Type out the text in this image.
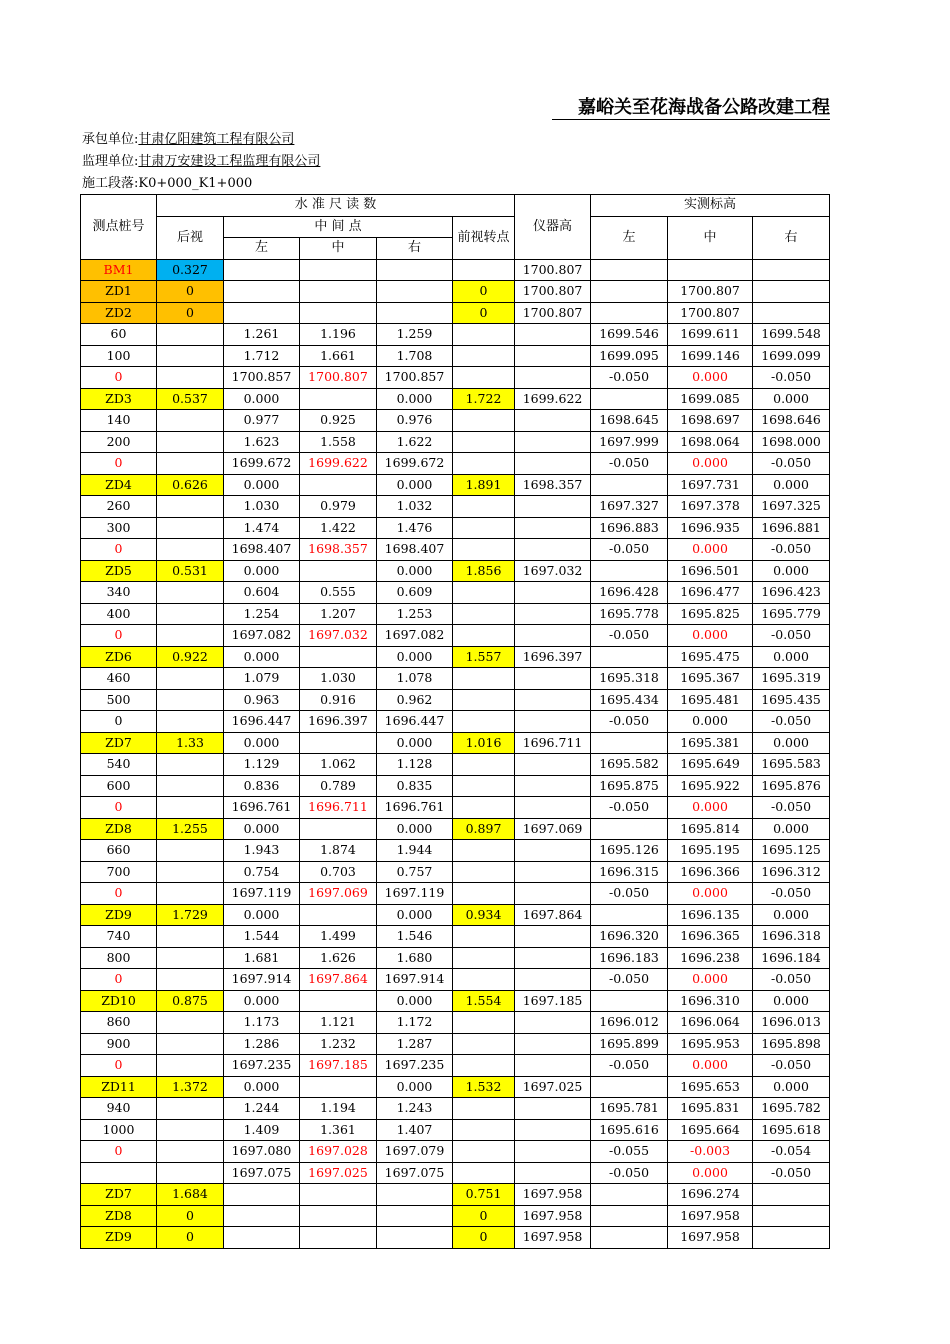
嘉峪关至花海战备公路改建工程
承包单位:甘肃亿阳建筑工程有限公司
监理单位:甘肃万安建设工程监理有限公司
施工段落:K0+000_K1+000
测点桩号	水 准 尺 读 数					仪器高	实测标高		
	后视	中 间 点			前视转点		左	中	右
		左	中	右					
BM1	0.327					1700.807			
ZD1	0				0	1700.807		1700.807	
ZD2	0				0	1700.807		1700.807	
60		1.261	1.196	1.259			1699.546	1699.611	1699.548
100		1.712	1.661	1.708			1699.095	1699.146	1699.099
0		1700.857	1700.807	1700.857			-0.050	0.000	-0.050
ZD3	0.537	0.000		0.000	1.722	1699.622		1699.085	0.000
140		0.977	0.925	0.976			1698.645	1698.697	1698.646
200		1.623	1.558	1.622			1697.999	1698.064	1698.000
0		1699.672	1699.622	1699.672			-0.050	0.000	-0.050
ZD4	0.626	0.000		0.000	1.891	1698.357		1697.731	0.000
260		1.030	0.979	1.032			1697.327	1697.378	1697.325
300		1.474	1.422	1.476			1696.883	1696.935	1696.881
0		1698.407	1698.357	1698.407			-0.050	0.000	-0.050
ZD5	0.531	0.000		0.000	1.856	1697.032		1696.501	0.000
340		0.604	0.555	0.609			1696.428	1696.477	1696.423
400		1.254	1.207	1.253			1695.778	1695.825	1695.779
0		1697.082	1697.032	1697.082			-0.050	0.000	-0.050
ZD6	0.922	0.000		0.000	1.557	1696.397		1695.475	0.000
460		1.079	1.030	1.078			1695.318	1695.367	1695.319
500		0.963	0.916	0.962			1695.434	1695.481	1695.435
0		1696.447	1696.397	1696.447			-0.050	0.000	-0.050
ZD7	1.33	0.000		0.000	1.016	1696.711		1695.381	0.000
540		1.129	1.062	1.128			1695.582	1695.649	1695.583
600		0.836	0.789	0.835			1695.875	1695.922	1695.876
0		1696.761	1696.711	1696.761			-0.050	0.000	-0.050
ZD8	1.255	0.000		0.000	0.897	1697.069		1695.814	0.000
660		1.943	1.874	1.944			1695.126	1695.195	1695.125
700		0.754	0.703	0.757			1696.315	1696.366	1696.312
0		1697.119	1697.069	1697.119			-0.050	0.000	-0.050
ZD9	1.729	0.000		0.000	0.934	1697.864		1696.135	0.000
740		1.544	1.499	1.546			1696.320	1696.365	1696.318
800		1.681	1.626	1.680			1696.183	1696.238	1696.184
0		1697.914	1697.864	1697.914			-0.050	0.000	-0.050
ZD10	0.875	0.000		0.000	1.554	1697.185		1696.310	0.000
860		1.173	1.121	1.172			1696.012	1696.064	1696.013
900		1.286	1.232	1.287			1695.899	1695.953	1695.898
0		1697.235	1697.185	1697.235			-0.050	0.000	-0.050
ZD11	1.372	0.000		0.000	1.532	1697.025		1695.653	0.000
940		1.244	1.194	1.243			1695.781	1695.831	1695.782
1000		1.409	1.361	1.407			1695.616	1695.664	1695.618
0		1697.080	1697.028	1697.079			-0.055	-0.003	-0.054
		1697.075	1697.025	1697.075			-0.050	0.000	-0.050
ZD7	1.684				0.751	1697.958		1696.274	
ZD8	0				0	1697.958		1697.958	
ZD9	0				0	1697.958		1697.958	
